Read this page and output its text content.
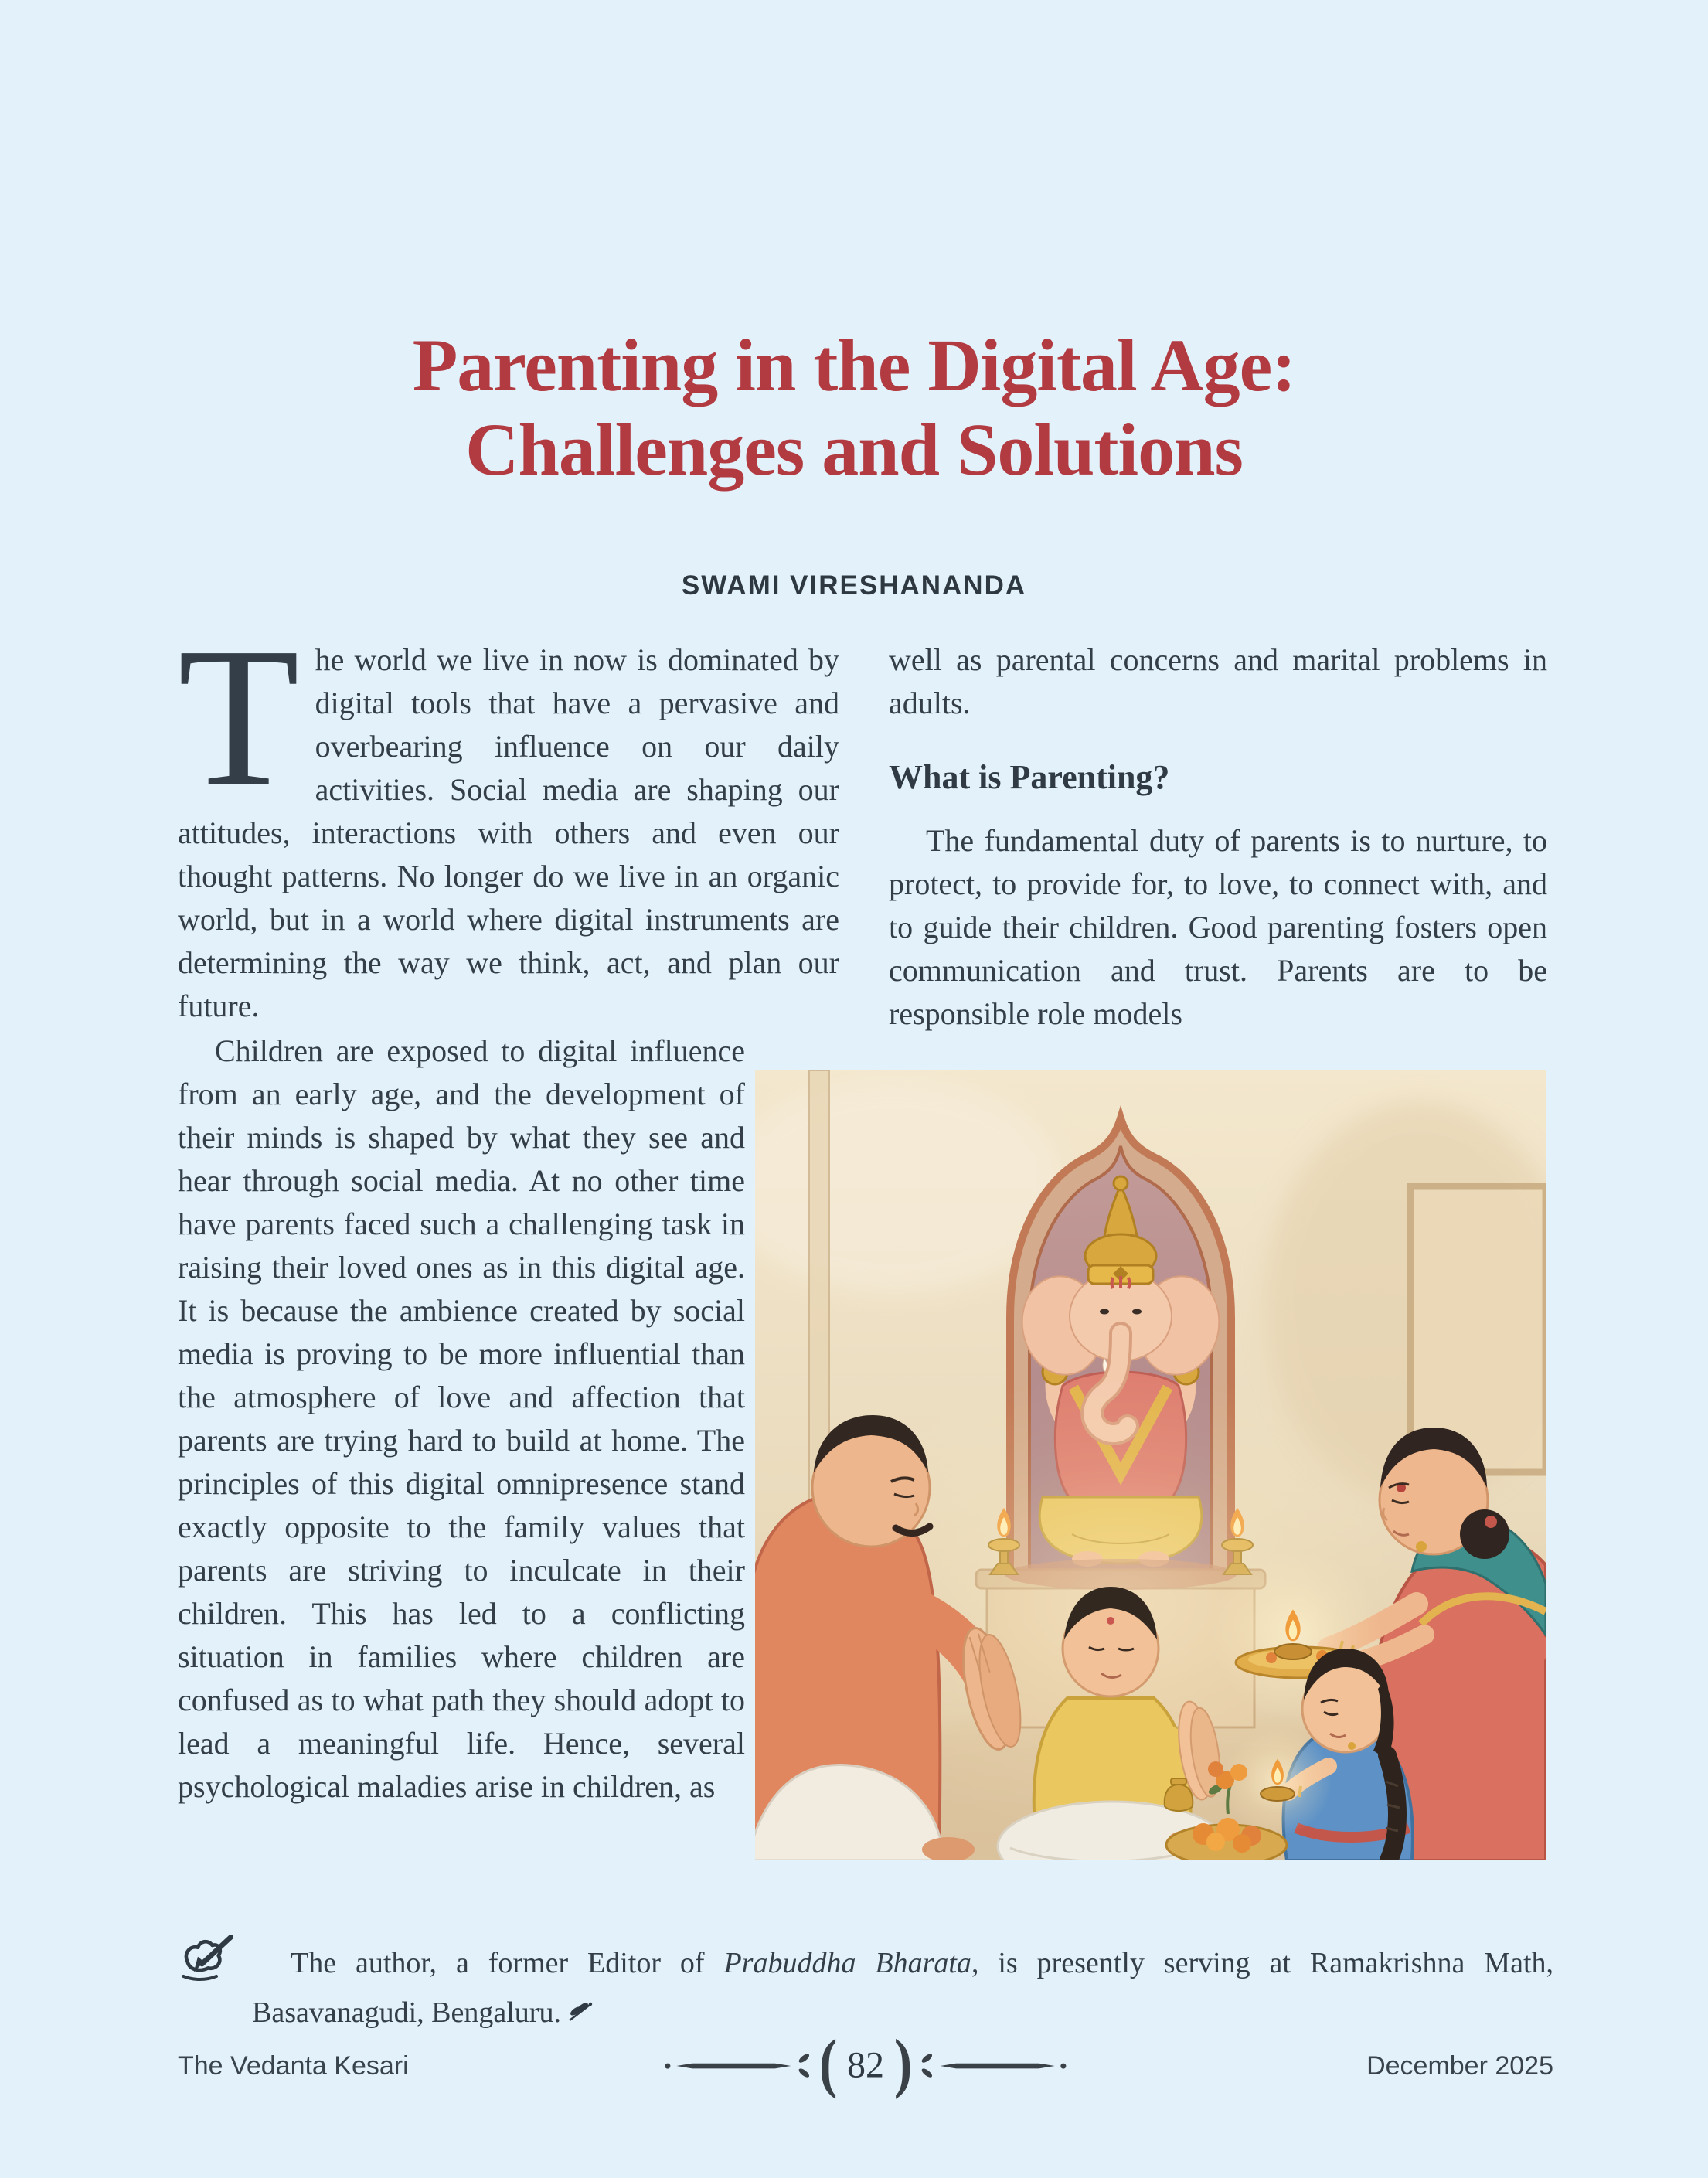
Parenting in the Digital Age:
Challenges and Solutions
SWAMI VIRESHANANDA

The world we live in now is dominated by digital tools that have a pervasive and overbearing influence on our daily activities. Social media are shaping our attitudes, interactions with others and even our thought patterns. No longer do we live in an organic world, but in a world where digital instruments are determining the way we think, act, and plan our future.

well as parental concerns and marital problems in adults.

What is Parenting?

The fundamental duty of parents is to nurture, to protect, to provide for, to love, to connect with, and to guide their children. Good parenting fosters open communication and trust. Parents are to be responsible role models

Children are exposed to digital influence from an early age, and the development of their minds is shaped by what they see and hear through social media. At no other time have parents faced such a challenging task in raising their loved ones as in this digital age. It is because the ambience created by social media is proving to be more influential than the atmosphere of love and affection that parents are trying hard to build at home. The principles of this digital omnipresence stand exactly opposite to the family values that parents are striving to inculcate in their children. This has led to a conflicting situation in families where children are confused as to what path they should adopt to lead a meaningful life. Hence, several psychological maladies arise in children, as

The author, a former Editor of Prabuddha Bharata, is presently serving at Ramakrishna Math, Basavanagudi, Bengaluru.

The Vedanta Kesari	( 82 )	December 2025
